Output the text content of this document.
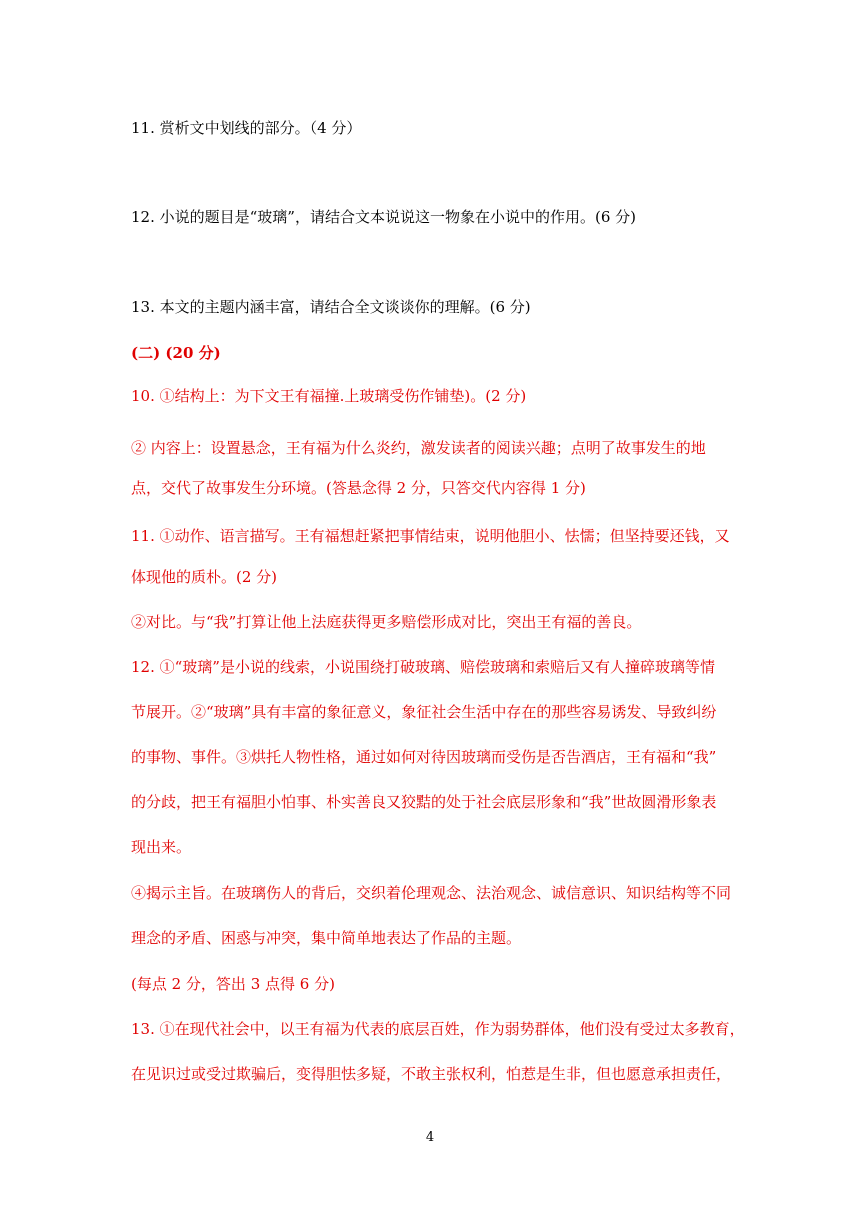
11. 赏析文中划线的部分。（4 分）
12. 小说的题目是“玻璃”，请结合文本说说这一物象在小说中的作用。(6 分)
13. 本文的主题内涵丰富，请结合全文谈谈你的理解。(6 分)
(二) (20 分)
10. ①结构上：为下文王有福撞.上玻璃受伤作铺垫)。(2 分)
② 内容上：设置悬念，王有福为什么炎约，激发读者的阅读兴趣；点明了故事发生的地
点，交代了故事发生分环境。(答悬念得 2 分，只答交代内容得 1 分)
11. ①动作、语言描写。王有福想赶紧把事情结束，说明他胆小、怯懦；但坚持要还钱，又
体现他的质朴。(2 分)
②对比。与“我”打算让他上法庭获得更多赔偿形成对比，突出王有福的善良。
12. ①“玻璃”是小说的线索，小说围绕打破玻璃、赔偿玻璃和索赔后又有人撞碎玻璃等情
节展开。②“玻璃”具有丰富的象征意义，象征社会生活中存在的那些容易诱发、导致纠纷
的事物、事件。③烘托人物性格，通过如何对待因玻璃而受伤是否告酒店，王有福和“我”
的分歧，把王有福胆小怕事、朴实善良又狡黠的处于社会底层形象和“我”世故圆滑形象表
现出来。
④揭示主旨。在玻璃伤人的背后，交织着伦理观念、法治观念、诚信意识、知识结构等不同
理念的矛盾、困惑与冲突，集中简单地表达了作品的主题。
(每点 2 分，答出 3 点得 6 分)
13. ①在现代社会中，以王有福为代表的底层百姓，作为弱势群体，他们没有受过太多教育，
在见识过或受过欺骗后，变得胆怯多疑，不敢主张权利，怕惹是生非，但也愿意承担责任，
4
